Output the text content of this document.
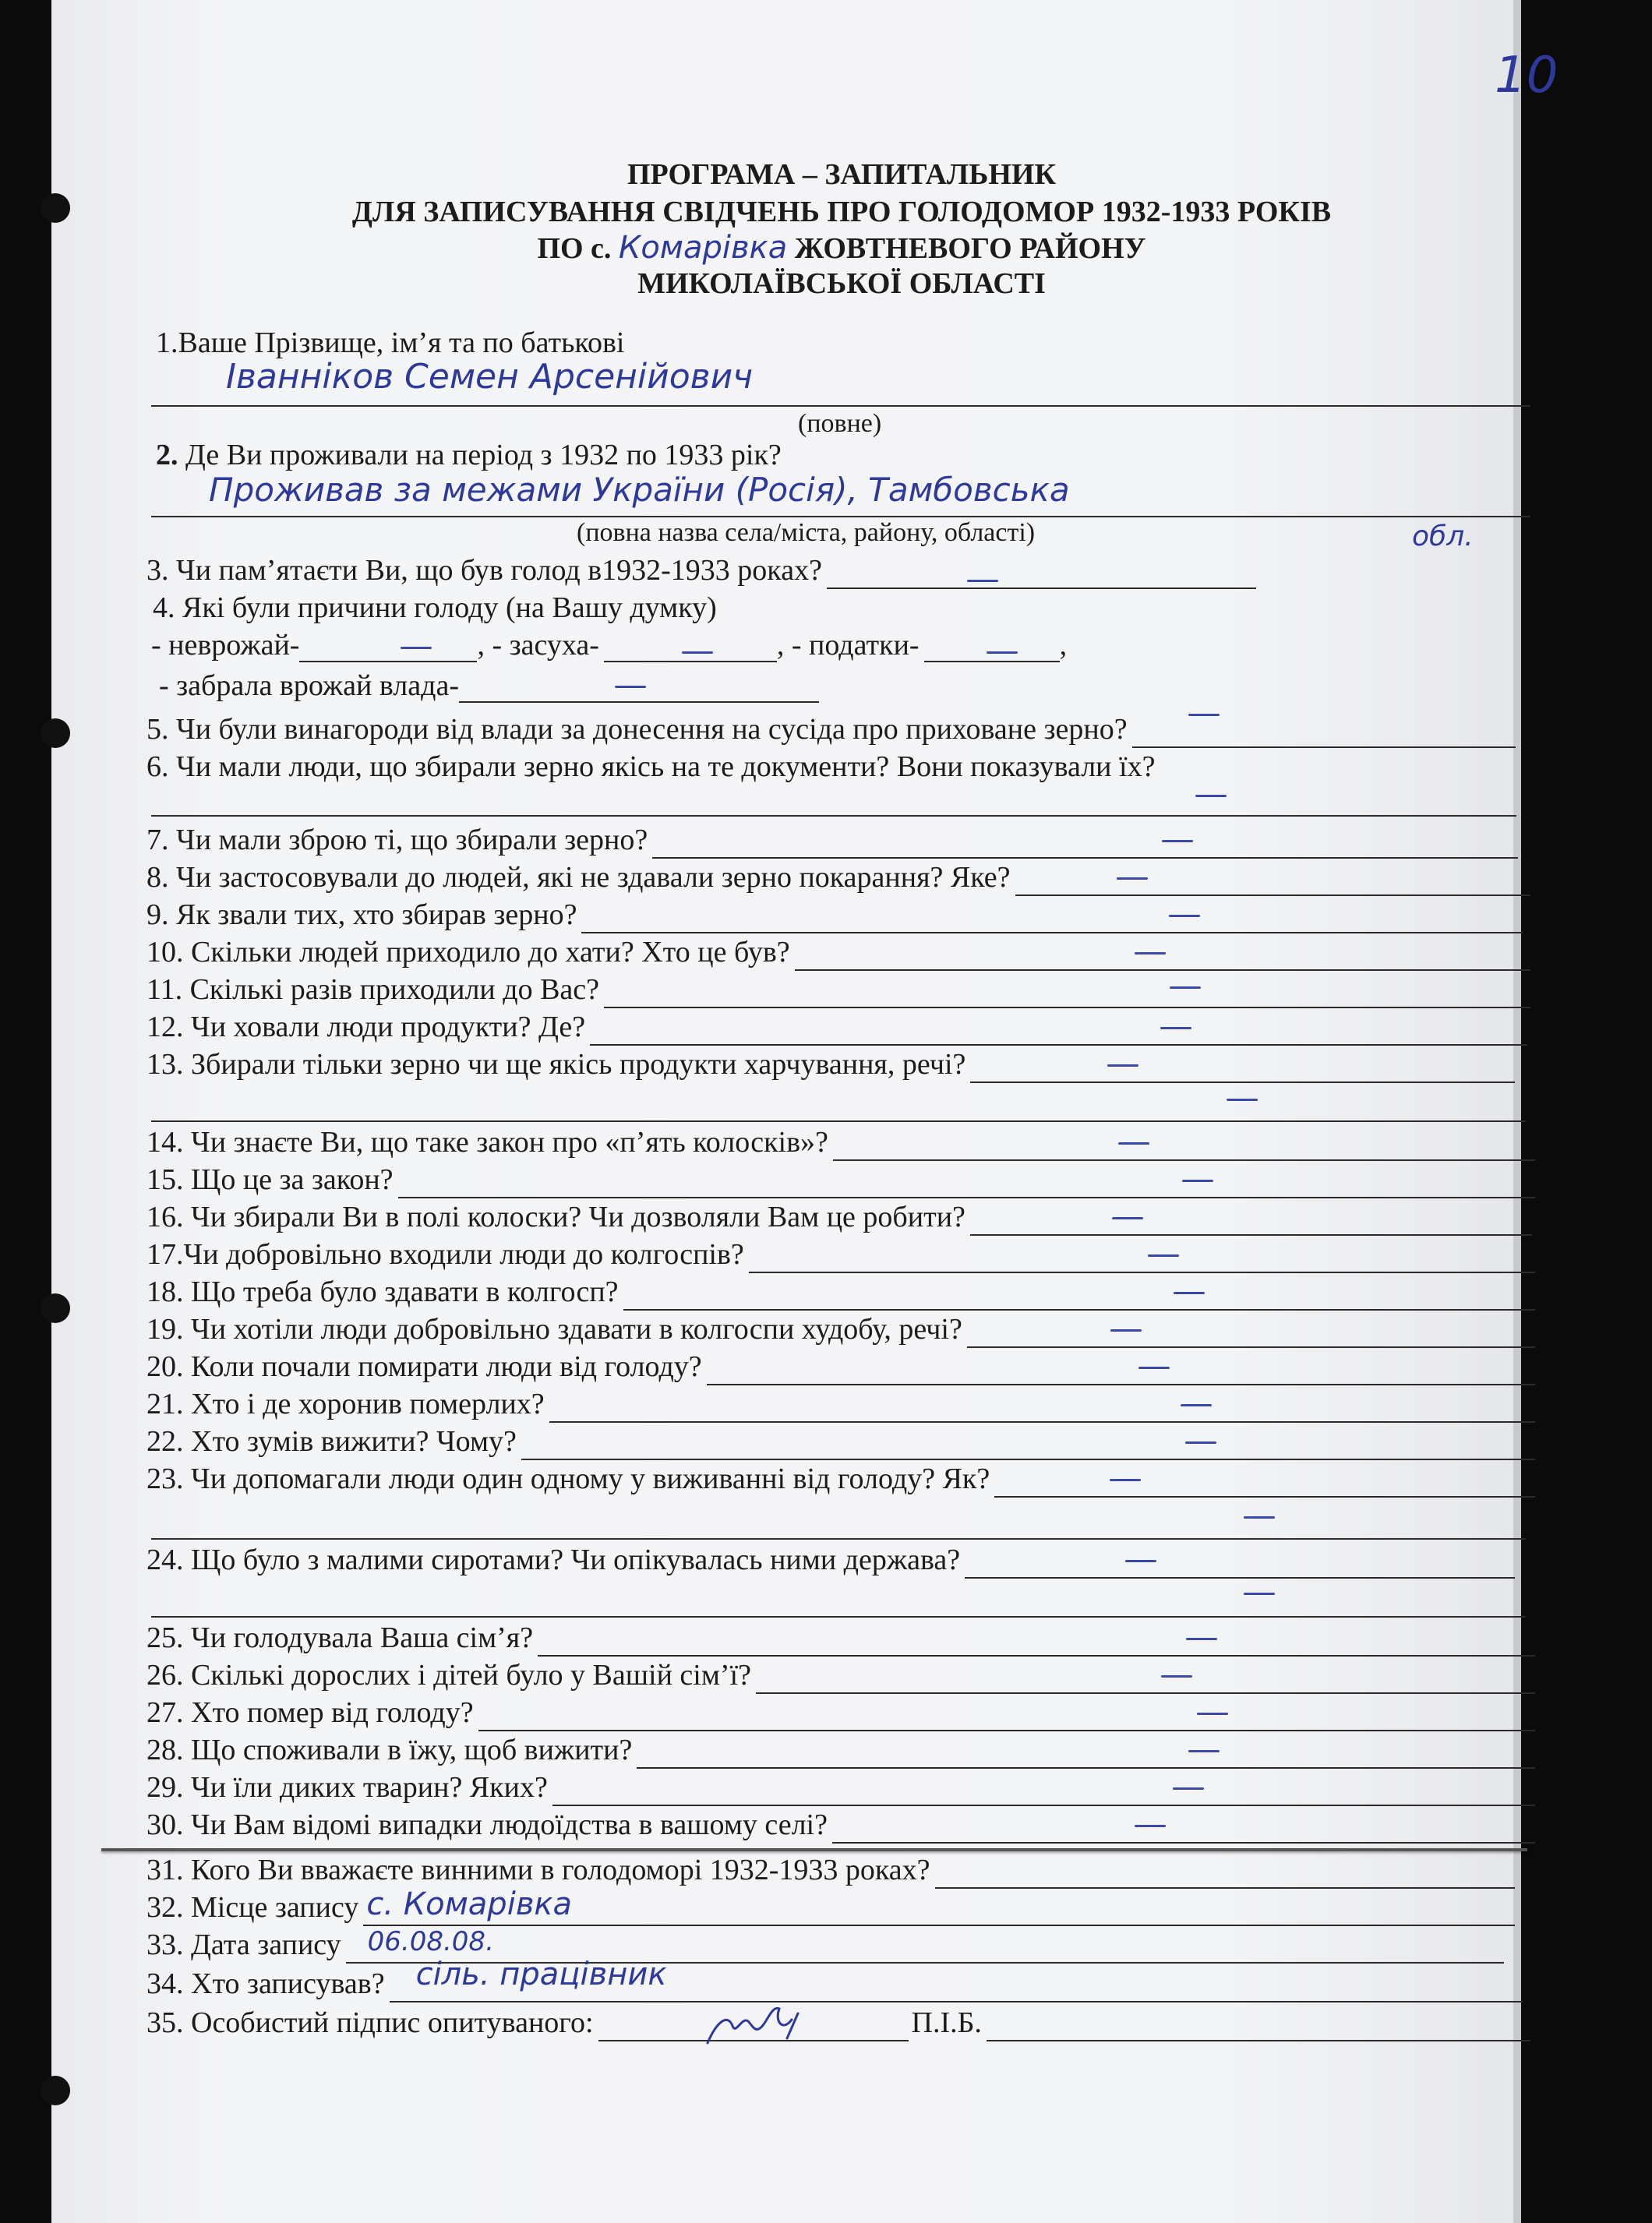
10
ПРОГРАМА – ЗАПИТАЛЬНИК
ДЛЯ ЗАПИСУВАННЯ СВІДЧЕНЬ ПРО ГОЛОДОМОР 1932-1933 РОКІВ
ПО с. Комарівка ЖОВТНЕВОГО РАЙОНУ
МИКОЛАЇВСЬКОЇ ОБЛАСТІ
1.Ваше Прізвище, ім’я та по батькові
Іванніков Семен Арсенійович
(повне)
2. Де Ви проживали на період з 1932 по 1933 рік?
Проживав за межами України (Росія), Тамбовська
обл.
(повна назва села/міста, району, області)
3. Чи пам’ятаєти Ви, що був голод в1932-1933 роках?
4. Які були причини голоду (на Вашу думку)
- неврожай-	, - засуха-	, - податки-	,
- забрала врожай влада-
5. Чи були винагороди від влади за донесення на сусіда про приховане зерно?
6. Чи мали люди, що збирали зерно якісь на те документи? Вони показували їх?
7. Чи мали зброю ті, що збирали зерно?
8. Чи застосовували до людей, які не здавали зерно покарання? Яке?
9. Як звали тих, хто збирав зерно?
10. Скільки людей приходило до хати? Хто це був?
11. Скількі разів приходили до Вас?
12. Чи ховали люди продукти? Де?
13. Збирали тільки зерно чи ще якісь продукти харчування, речі?
14. Чи знаєте Ви, що таке закон про «п’ять колосків»?
15. Що це за закон?
16. Чи збирали Ви в полі колоски? Чи дозволяли Вам це робити?
17.Чи добровільно входили люди до колгоспів?
18. Що треба було здавати в колгосп?
19. Чи хотіли люди добровільно здавати в колгоспи худобу, речі?
20. Коли почали помирати люди від голоду?
21. Хто і де хоронив померлих?
22. Хто зумів вижити? Чому?
23. Чи допомагали люди один одному у виживанні від голоду? Як?
24. Що було з малими сиротами? Чи опікувалась ними держава?
25. Чи голодувала Ваша сім’я?
26. Скількі дорослих і дітей було у Вашій сім’ї?
27. Хто помер від голоду?
28. Що споживали в їжу, щоб вижити?
29. Чи їли диких тварин? Яких?
30. Чи Вам відомі випадки людоїдства в вашому селі?
31. Кого Ви вважаєте винними в голодоморі 1932-1933 роках?
32. Місце запису с. Комарівка
33. Дата запису 06.08.08.
34. Хто записував? сіль. працівник
35. Особистий підпис опитуваного:	П.І.Б.
